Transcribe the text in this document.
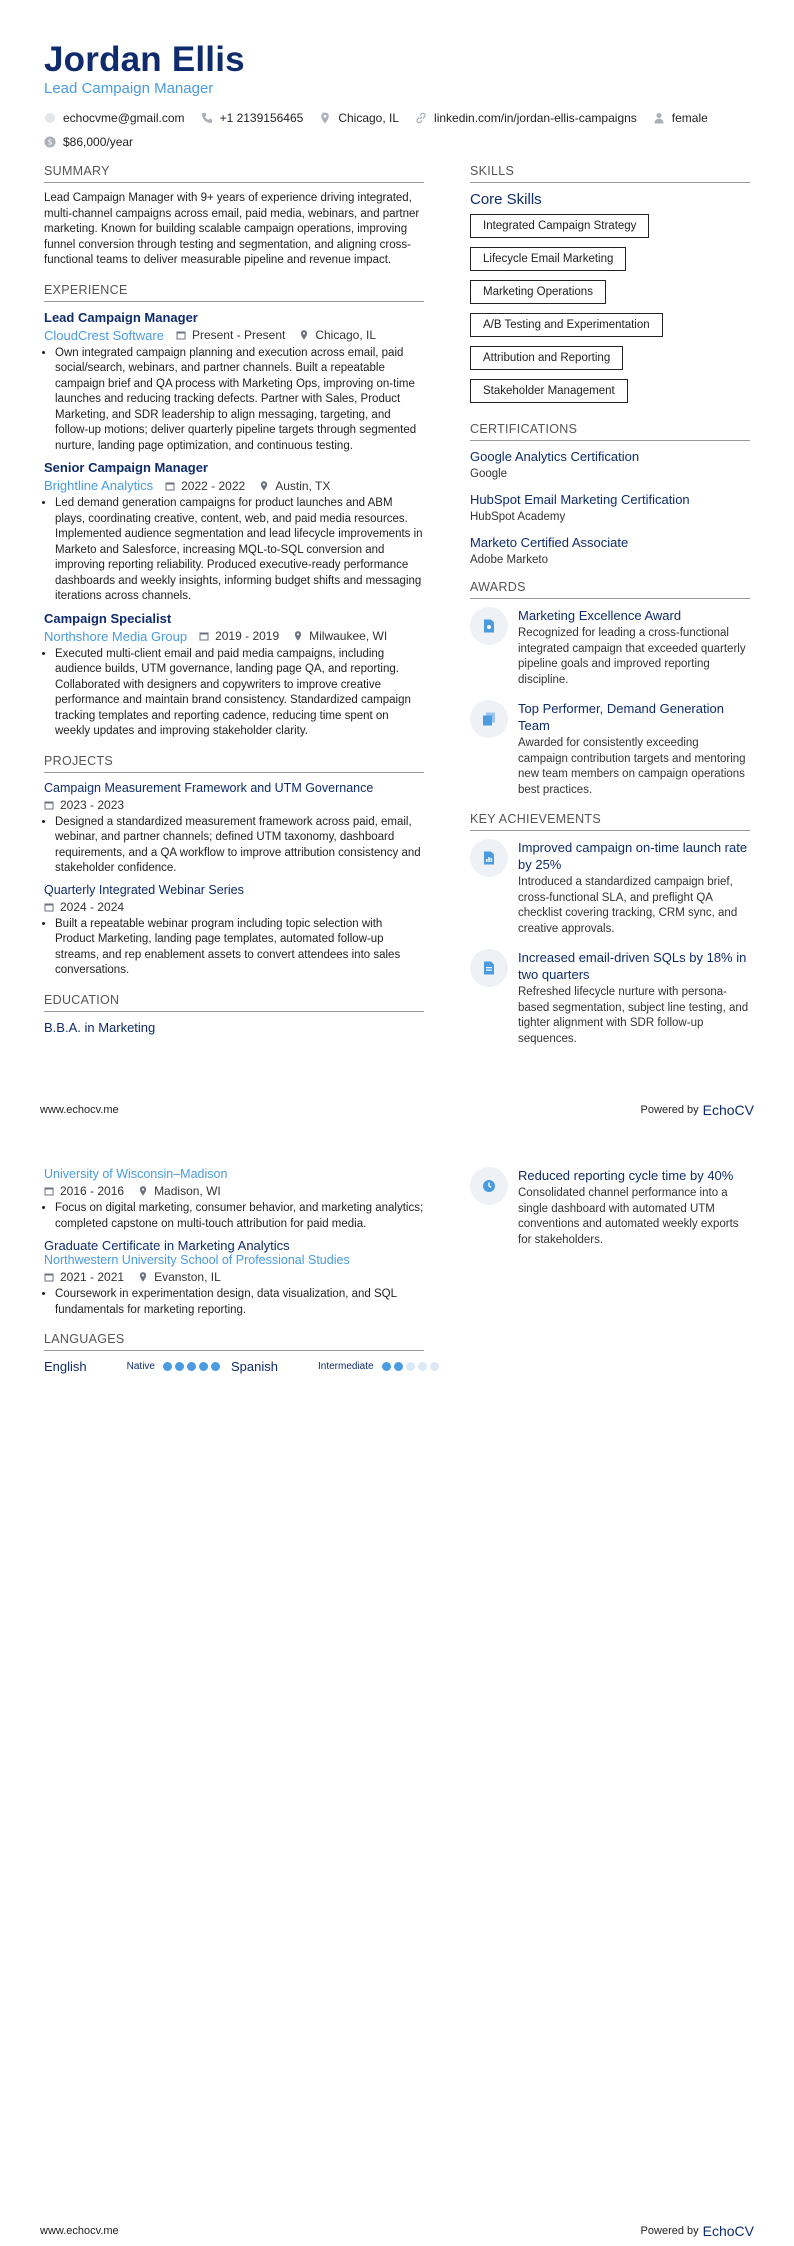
Jordan Ellis
Lead Campaign Manager
echocvme@gmail.com	+1 2139156465	Chicago, IL	linkedin.com/in/jordan-ellis-campaigns	female
$ $86,000/year
SUMMARY
Lead Campaign Manager with 9+ years of experience driving integrated, multi-channel campaigns across email, paid media, webinars, and partner marketing. Known for building scalable campaign operations, improving funnel conversion through testing and segmentation, and aligning cross-functional teams to deliver measurable pipeline and revenue impact.
EXPERIENCE
Lead Campaign Manager
CloudCrest Software Present - Present	Chicago, IL
• Own integrated campaign planning and execution across email, paid social/search, webinars, and partner channels. Built a repeatable campaign brief and QA process with Marketing Ops, improving on-time launches and reducing tracking defects. Partner with Sales, Product Marketing, and SDR leadership to align messaging, targeting, and follow-up motions; deliver quarterly pipeline targets through segmented nurture, landing page optimization, and continuous testing.
Senior Campaign Manager
Brightline Analytics 2022 - 2022	Austin, TX
• Led demand generation campaigns for product launches and ABM plays, coordinating creative, content, web, and paid media resources. Implemented audience segmentation and lead lifecycle improvements in Marketo and Salesforce, increasing MQL-to-SQL conversion and improving reporting reliability. Produced executive-ready performance dashboards and weekly insights, informing budget shifts and messaging iterations across channels.
Campaign Specialist
Northshore Media Group 2019 - 2019	Milwaukee, WI
• Executed multi-client email and paid media campaigns, including audience builds, UTM governance, landing page QA, and reporting. Collaborated with designers and copywriters to improve creative performance and maintain brand consistency. Standardized campaign tracking templates and reporting cadence, reducing time spent on weekly updates and improving stakeholder clarity.
PROJECTS
Campaign Measurement Framework and UTM Governance
2023 - 2023
• Designed a standardized measurement framework across paid, email, webinar, and partner channels; defined UTM taxonomy, dashboard requirements, and a QA workflow to improve attribution consistency and stakeholder confidence.
Quarterly Integrated Webinar Series
2024 - 2024
• Built a repeatable webinar program including topic selection with Product Marketing, landing page templates, automated follow-up streams, and rep enablement assets to convert attendees into sales conversations.
EDUCATION
B.B.A. in Marketing
SKILLS
Core Skills
Integrated Campaign Strategy
Lifecycle Email Marketing
Marketing Operations
A/B Testing and Experimentation
Attribution and Reporting
Stakeholder Management
CERTIFICATIONS
Google Analytics Certification
Google
HubSpot Email Marketing Certification
HubSpot Academy
Marketo Certified Associate
Adobe Marketo
AWARDS
Marketing Excellence Award
Recognized for leading a cross-functional integrated campaign that exceeded quarterly pipeline goals and improved reporting discipline.
Top Performer, Demand Generation Team
Awarded for consistently exceeding campaign contribution targets and mentoring new team members on campaign operations best practices.
KEY ACHIEVEMENTS
Improved campaign on-time launch rate by 25%
Introduced a standardized campaign brief, cross-functional SLA, and preflight QA checklist covering tracking, CRM sync, and creative approvals.
Increased email-driven SQLs by 18% in two quarters
Refreshed lifecycle nurture with persona-based segmentation, subject line testing, and tighter alignment with SDR follow-up sequences.
www.echocv.me	Powered by EchoCV
University of Wisconsin–Madison
2016 - 2016	Madison, WI
• Focus on digital marketing, consumer behavior, and marketing analytics; completed capstone on multi-touch attribution for paid media.
Graduate Certificate in Marketing Analytics
Northwestern University School of Professional Studies
2021 - 2021	Evanston, IL
• Coursework in experimentation design, data visualization, and SQL fundamentals for marketing reporting.
LANGUAGES
English	Native	Spanish	Intermediate
Reduced reporting cycle time by 40%
Consolidated channel performance into a single dashboard with automated UTM conventions and automated weekly exports for stakeholders.
www.echocv.me	Powered by EchoCV
